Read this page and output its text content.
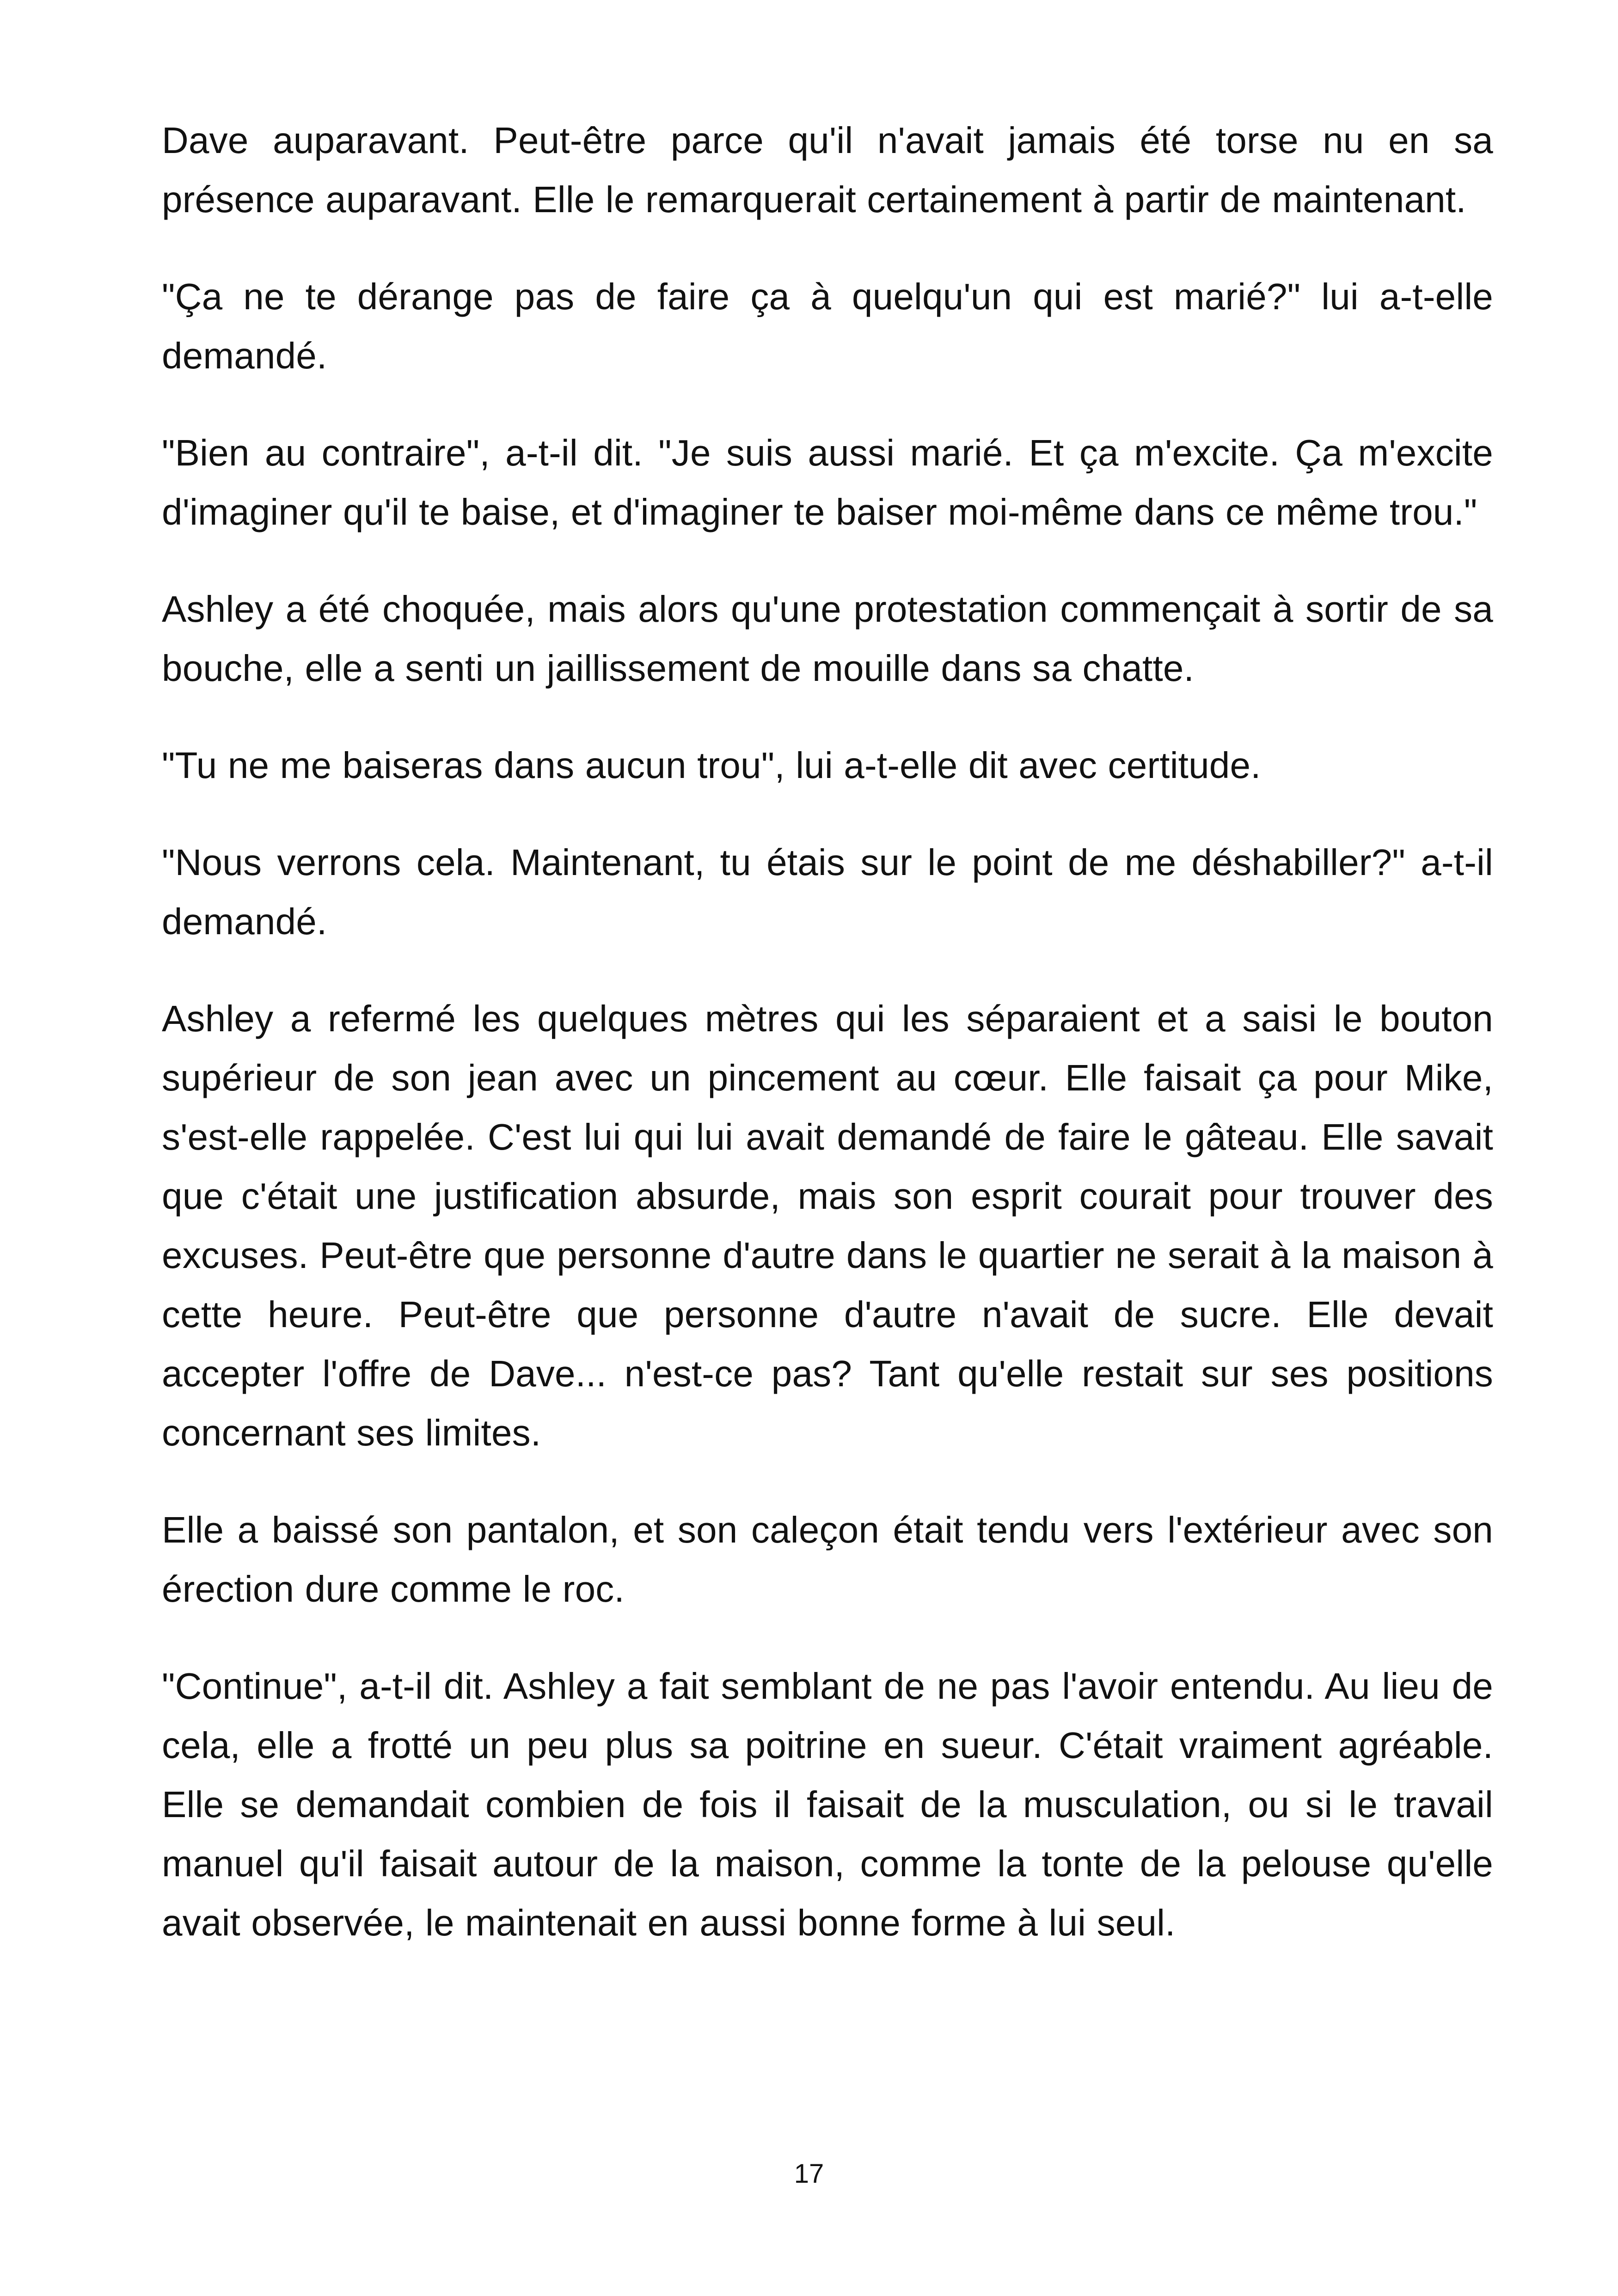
Dave auparavant. Peut-être parce qu'il n'avait jamais été torse nu en sa présence auparavant. Elle le remarquerait certainement à partir de maintenant.

"Ça ne te dérange pas de faire ça à quelqu'un qui est marié?" lui a-t-elle demandé.

"Bien au contraire", a-t-il dit. "Je suis aussi marié. Et ça m'excite. Ça m'excite d'imaginer qu'il te baise, et d'imaginer te baiser moi-même dans ce même trou."

Ashley a été choquée, mais alors qu'une protestation commençait à sortir de sa bouche, elle a senti un jaillissement de mouille dans sa chatte.

"Tu ne me baiseras dans aucun trou", lui a-t-elle dit avec certitude.

"Nous verrons cela. Maintenant, tu étais sur le point de me déshabiller?" a-t-il demandé.

Ashley a refermé les quelques mètres qui les séparaient et a saisi le bouton supérieur de son jean avec un pincement au cœur. Elle faisait ça pour Mike, s'est-elle rappelée. C'est lui qui lui avait demandé de faire le gâteau. Elle savait que c'était une justification absurde, mais son esprit courait pour trouver des excuses. Peut-être que personne d'autre dans le quartier ne serait à la maison à cette heure. Peut-être que personne d'autre n'avait de sucre. Elle devait accepter l'offre de Dave... n'est-ce pas? Tant qu'elle restait sur ses positions concernant ses limites.

Elle a baissé son pantalon, et son caleçon était tendu vers l'extérieur avec son érection dure comme le roc.

"Continue", a-t-il dit. Ashley a fait semblant de ne pas l'avoir entendu. Au lieu de cela, elle a frotté un peu plus sa poitrine en sueur. C'était vraiment agréable. Elle se demandait combien de fois il faisait de la musculation, ou si le travail manuel qu'il faisait autour de la maison, comme la tonte de la pelouse qu'elle avait observée, le maintenait en aussi bonne forme à lui seul.

17
